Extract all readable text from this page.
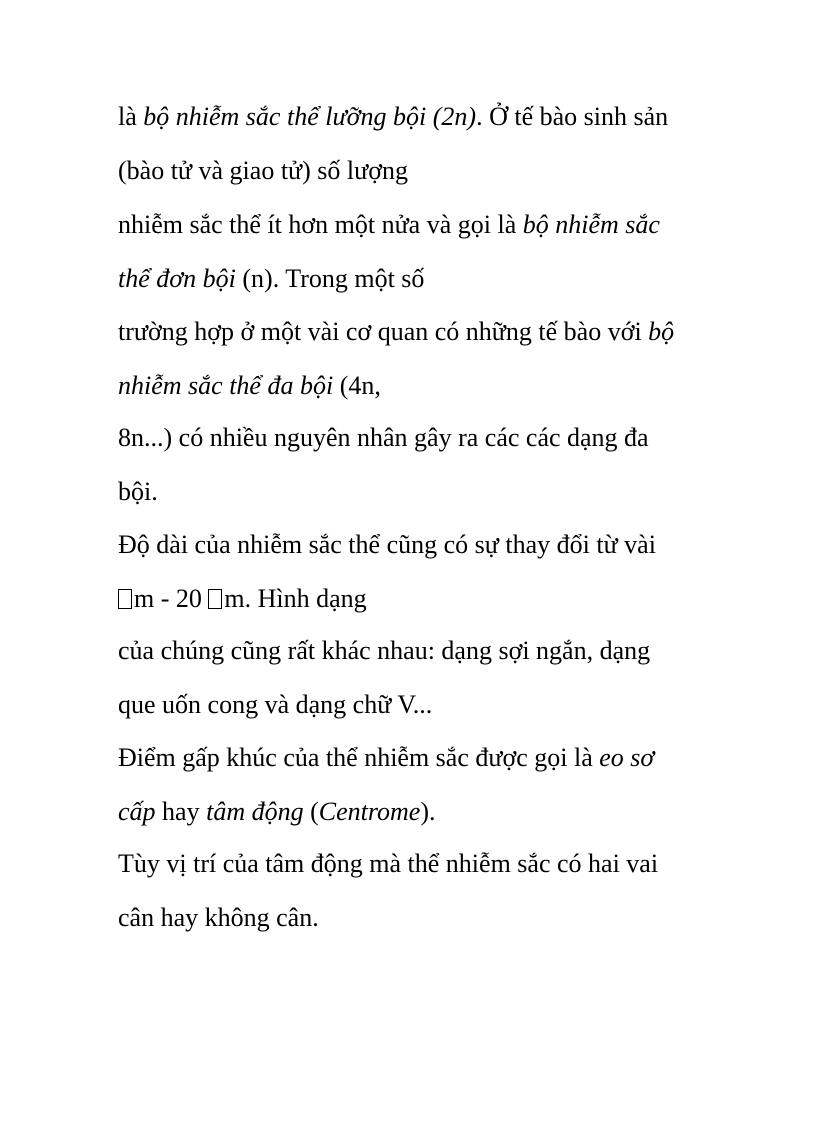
là bộ nhiễm sắc thể lưỡng bội (2n). Ở tế bào sinh sản
(bào tử và giao tử) số lượng

nhiễm sắc thể ít hơn một nửa và gọi là bộ nhiễm sắc
thể đơn bội (n). Trong một số

trường hợp ở một vài cơ quan có những tế bào với bộ
nhiễm sắc thể đa bội (4n,

8n...) có nhiều nguyên nhân gây ra các các dạng đa
bội.

Độ dài của nhiễm sắc thể cũng có sự thay đổi từ vài
m - 20 m. Hình dạng

của chúng cũng rất khác nhau: dạng sợi ngắn, dạng
que uốn cong và dạng chữ V...

Điểm gấp khúc của thể nhiễm sắc được gọi là eo sơ
cấp hay tâm động (Centrome).

Tùy vị trí của tâm động mà thể nhiễm sắc có hai vai
cân hay không cân.
